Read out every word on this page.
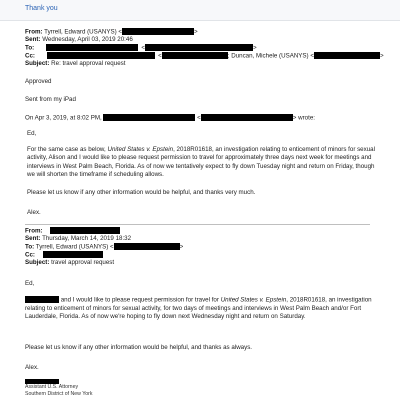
Thank you
From: Tyrrell, Edward (USANYS) <	>
Sent: Wednesday, April 03, 2019 20:46
To:	<	>
Cc:	<	; Duncan, Michele (USANYS) <	>
Subject: Re: travel approval request
Approved
Sent from my iPad
On Apr 3, 2019, at 8:02 PM,	<	> wrote:
Ed,
For the same case as below, United States v. Epstein, 2018R01618, an investigation relating to enticement of minors for sexual activity, Alison and I would like to please request permission to travel for approximately three days next week for meetings and interviews in West Palm Beach, Florida. As of now we tentatively expect to fly down Tuesday night and return on Friday, though we will shorten the timeframe if scheduling allows.
Please let us know if any other information would be helpful, and thanks very much.
Alex.
From:
Sent: Thursday, March 14, 2019 18:32
To: Tyrrell, Edward (USANYS) <	>
Cc:
Subject: travel approval request
Ed,
and I would like to please request permission for travel for United States v. Epstein, 2018R01618, an investigation relating to enticement of minors for sexual activity, for two days of meetings and interviews in West Palm Beach and/or Fort Lauderdale, Florida. As of now we're hoping to fly down next Wednesday night and return on Saturday.
Please let us know if any other information would be helpful, and thanks as always.
Alex.
Assistant U.S. Attorney
Southern District of New York
